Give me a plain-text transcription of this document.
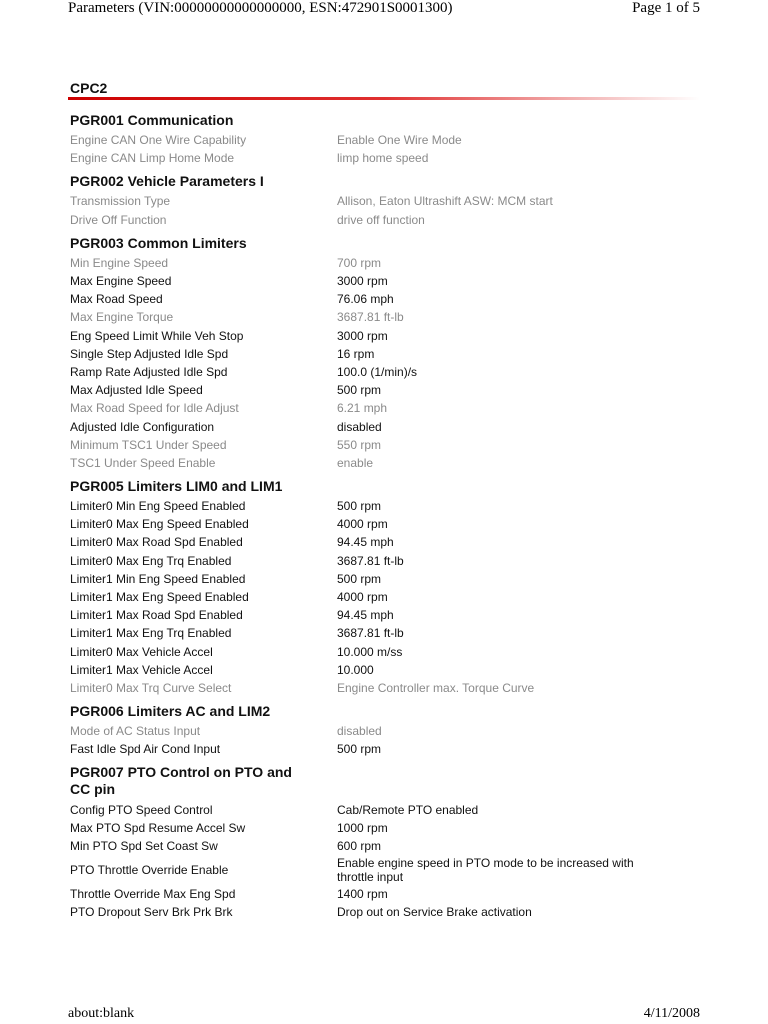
Parameters (VIN:00000000000000000, ESN:472901S0001300)	Page 1 of 5
CPC2
PGR001 Communication
Engine CAN One Wire Capability	Enable One Wire Mode
Engine CAN Limp Home Mode	limp home speed
PGR002 Vehicle Parameters I
Transmission Type	Allison, Eaton Ultrashift ASW: MCM start
Drive Off Function	drive off function
PGR003 Common Limiters
Min Engine Speed	700 rpm
Max Engine Speed	3000 rpm
Max Road Speed	76.06 mph
Max Engine Torque	3687.81 ft-lb
Eng Speed Limit While Veh Stop	3000 rpm
Single Step Adjusted Idle Spd	16 rpm
Ramp Rate Adjusted Idle Spd	100.0 (1/min)/s
Max Adjusted Idle Speed	500 rpm
Max Road Speed for Idle Adjust	6.21 mph
Adjusted Idle Configuration	disabled
Minimum TSC1 Under Speed	550 rpm
TSC1 Under Speed Enable	enable
PGR005 Limiters LIM0 and LIM1
Limiter0 Min Eng Speed Enabled	500 rpm
Limiter0 Max Eng Speed Enabled	4000 rpm
Limiter0 Max Road Spd Enabled	94.45 mph
Limiter0 Max Eng Trq Enabled	3687.81 ft-lb
Limiter1 Min Eng Speed Enabled	500 rpm
Limiter1 Max Eng Speed Enabled	4000 rpm
Limiter1 Max Road Spd Enabled	94.45 mph
Limiter1 Max Eng Trq Enabled	3687.81 ft-lb
Limiter0 Max Vehicle Accel	10.000 m/ss
Limiter1 Max Vehicle Accel	10.000
Limiter0 Max Trq Curve Select	Engine Controller max. Torque Curve
PGR006 Limiters AC and LIM2
Mode of AC Status Input	disabled
Fast Idle Spd Air Cond Input	500 rpm
PGR007 PTO Control on PTO and CC pin
Config PTO Speed Control	Cab/Remote PTO enabled
Max PTO Spd Resume Accel Sw	1000 rpm
Min PTO Spd Set Coast Sw	600 rpm
PTO Throttle Override Enable	Enable engine speed in PTO mode to be increased with throttle input
Throttle Override Max Eng Spd	1400 rpm
PTO Dropout Serv Brk Prk Brk	Drop out on Service Brake activation
about:blank	4/11/2008
